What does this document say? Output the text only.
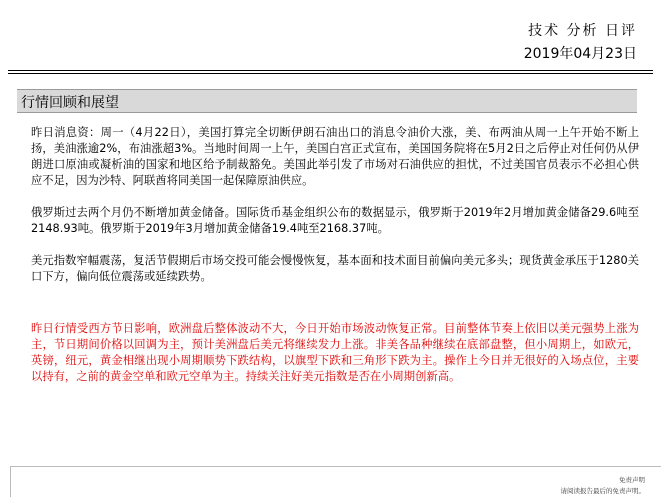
技术 分析 日评
2019年04月23日
行情回顾和展望

昨日消息资：周一（4月22日），美国打算完全切断伊朗石油出口的消息令油价大涨，美、布两油从周一上午开始不断上扬，美油涨逾2%，布油涨超3%。当地时间周一上午，美国白宫正式宣布，美国国务院将在5月2日之后停止对任何仍从伊朗进口原油或凝析油的国家和地区给予制裁豁免。美国此举引发了市场对石油供应的担忧，不过美国官员表示不必担心供应不足，因为沙特、阿联酋将同美国一起保障原油供应。

俄罗斯过去两个月仍不断增加黄金储备。国际货币基金组织公布的数据显示，俄罗斯于2019年2月增加黄金储备29.6吨至2148.93吨。俄罗斯于2019年3月增加黄金储备19.4吨至2168.37吨。

美元指数窄幅震荡，复活节假期后市场交投可能会慢慢恢复，基本面和技术面目前偏向美元多头；现货黄金承压于1280关口下方，偏向低位震荡或延续跌势。

昨日行情受西方节日影响，欧洲盘后整体波动不大，今日开始市场波动恢复正常。目前整体节奏上依旧以美元强势上涨为主，节日期间价格以回调为主，预计美洲盘后美元将继续发力上涨。非美各品种继续在底部盘整，但小周期上，如欧元，英镑，纽元，黄金相继出现小周期顺势下跌结构，以旗型下跌和三角形下跌为主。操作上今日并无很好的入场点位，主要以持有，之前的黄金空单和欧元空单为主。持续关注好美元指数是否在小周期创新高。

免责声明
请阅读报告最后的免责声明。
